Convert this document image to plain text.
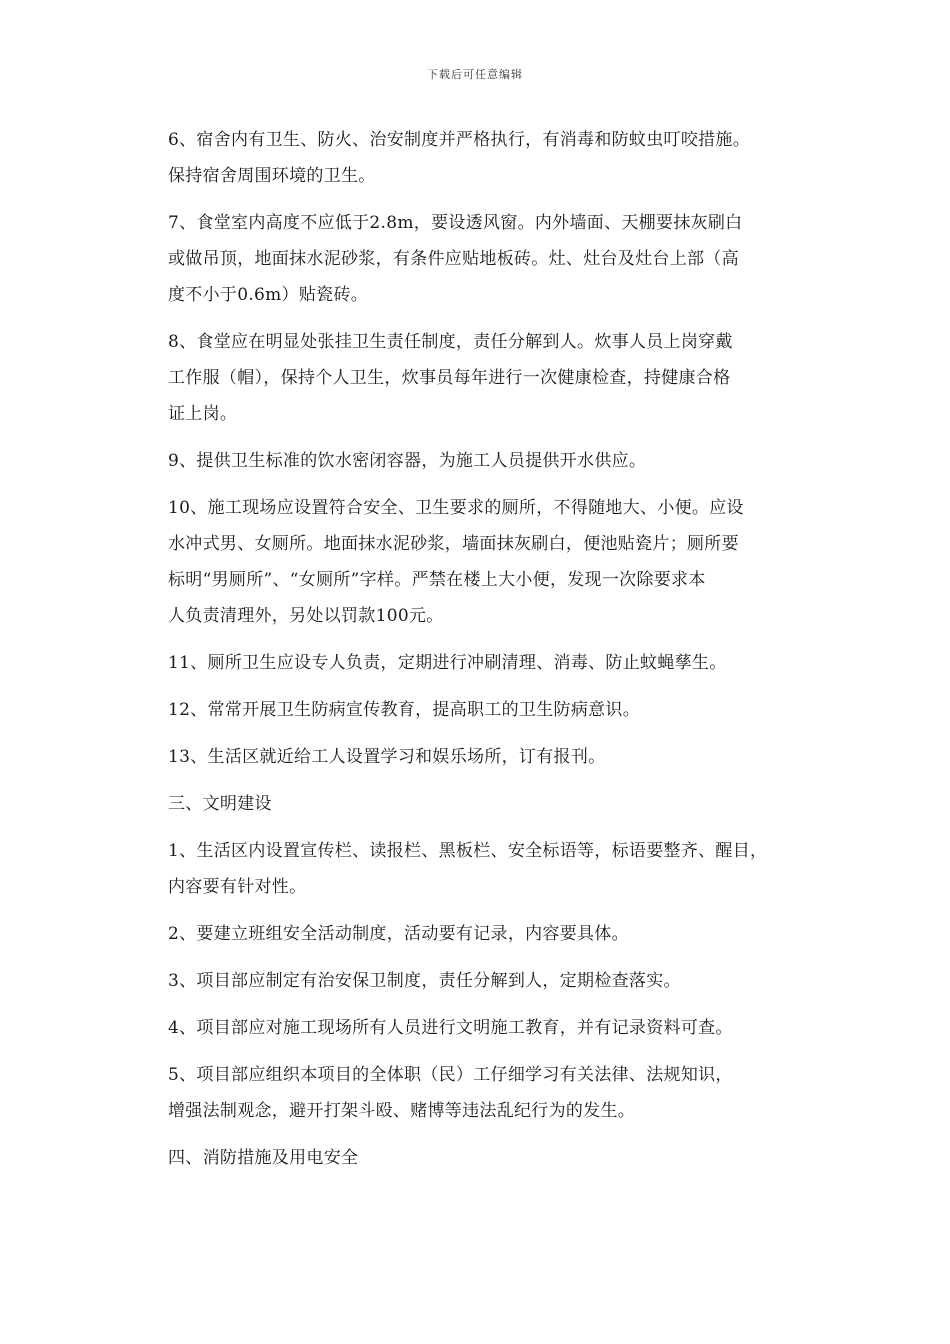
下载后可任意编辑
6、宿舍内有卫生、防火、治安制度并严格执行，有消毒和防蚊虫叮咬措施。
保持宿舍周围环境的卫生。
7、食堂室内高度不应低于2.8m，要设透风窗。内外墙面、天棚要抹灰刷白
或做吊顶，地面抹水泥砂浆，有条件应贴地板砖。灶、灶台及灶台上部（高
度不小于0.6m）贴瓷砖。
8、食堂应在明显处张挂卫生责任制度，责任分解到人。炊事人员上岗穿戴
工作服（帽），保持个人卫生，炊事员每年进行一次健康检查，持健康合格
证上岗。
9、提供卫生标准的饮水密闭容器，为施工人员提供开水供应。
10、施工现场应设置符合安全、卫生要求的厕所，不得随地大、小便。应设
水冲式男、女厕所。地面抹水泥砂浆，墙面抹灰刷白，便池贴瓷片；厕所要
标明“男厕所”、“女厕所”字样。严禁在楼上大小便，发现一次除要求本
人负责清理外，另处以罚款100元。
11、厕所卫生应设专人负责，定期进行冲刷清理、消毒、防止蚊蝇孳生。
12、常常开展卫生防病宣传教育，提高职工的卫生防病意识。
13、生活区就近给工人设置学习和娱乐场所，订有报刊。
三、文明建设
1、生活区内设置宣传栏、读报栏、黑板栏、安全标语等，标语要整齐、醒目，
内容要有针对性。
2、要建立班组安全活动制度，活动要有记录，内容要具体。
3、项目部应制定有治安保卫制度，责任分解到人，定期检查落实。
4、项目部应对施工现场所有人员进行文明施工教育，并有记录资料可查。
5、项目部应组织本项目的全体职（民）工仔细学习有关法律、法规知识，
增强法制观念，避开打架斗殴、赌博等违法乱纪行为的发生。
四、消防措施及用电安全
